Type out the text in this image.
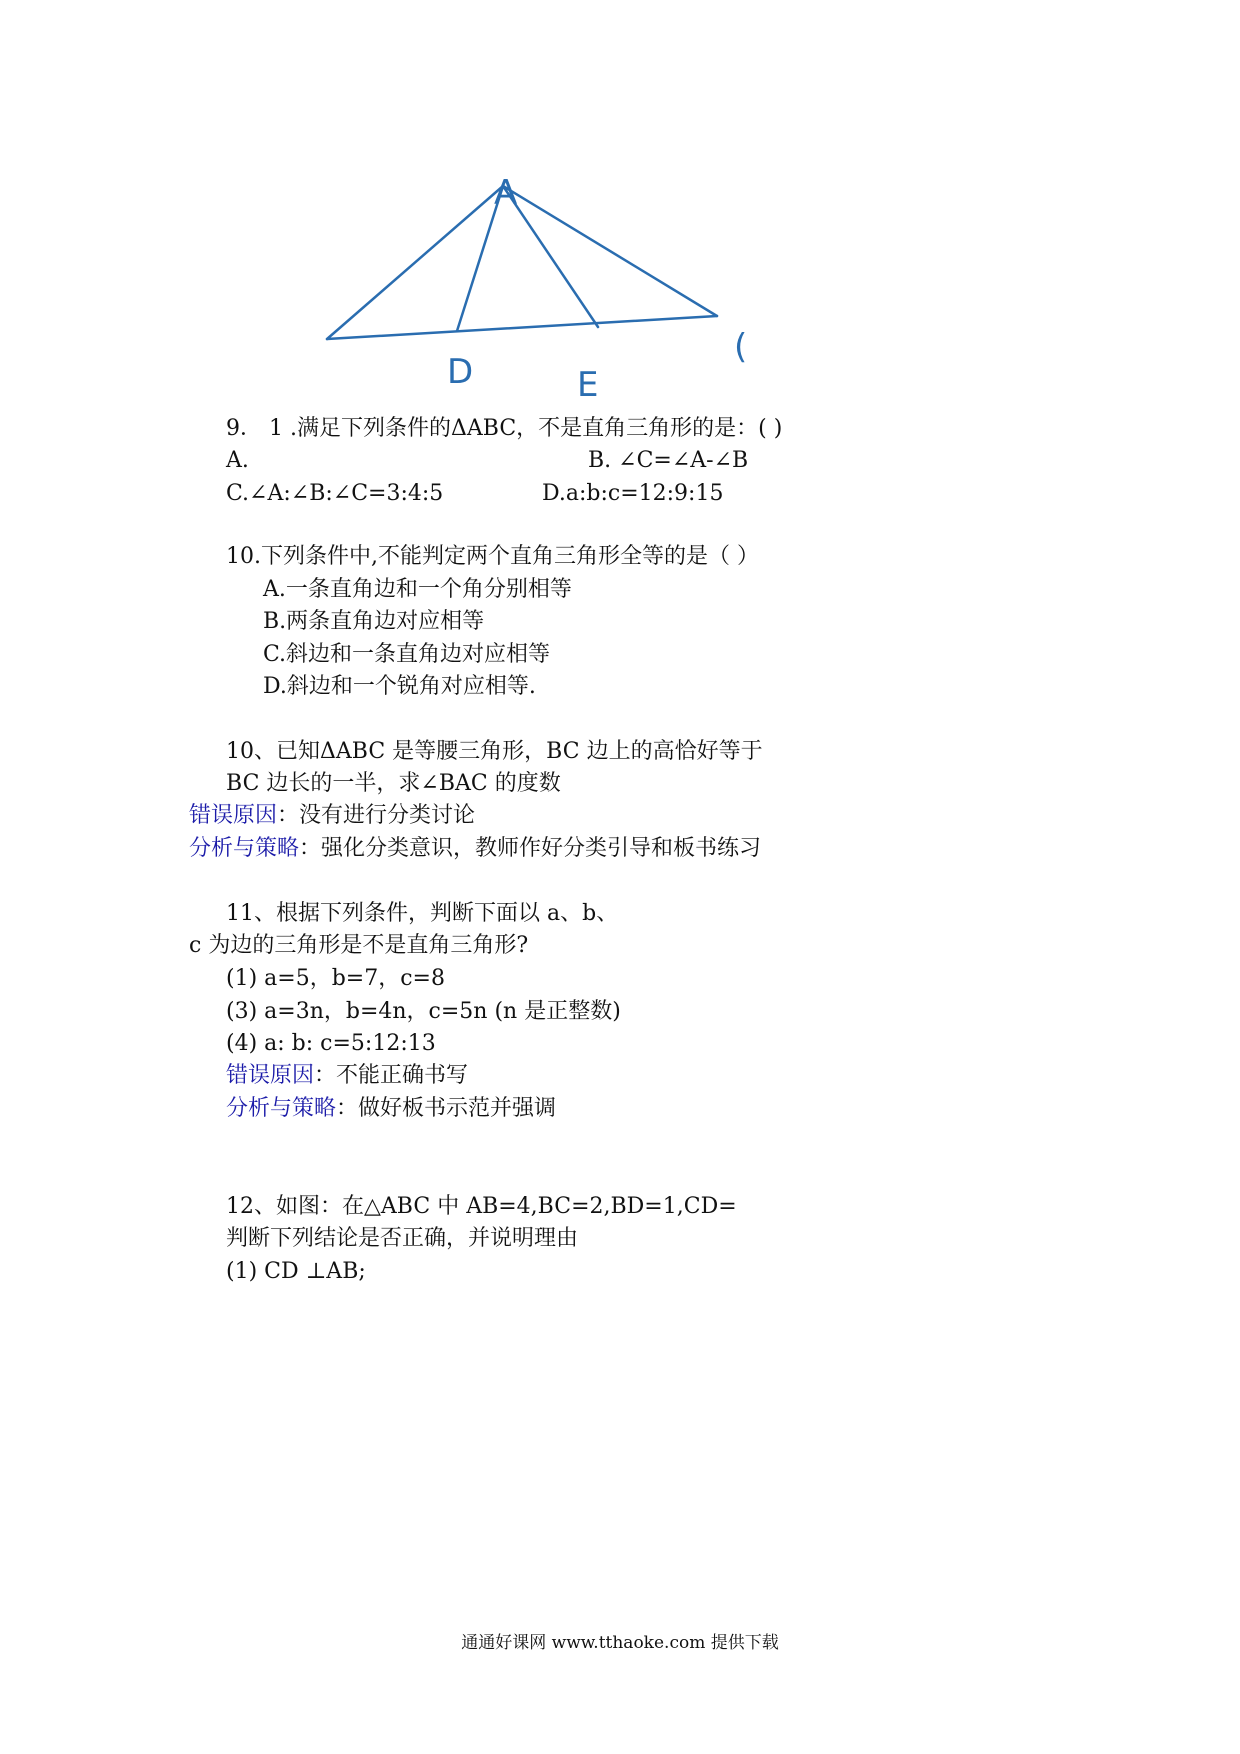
A
(
D	E
9． 1 .满足下列条件的ΔABC，不是直角三角形的是：( )
A.	B. ∠C=∠A-∠B
C.∠A:∠B:∠C=3:4:5	D.a:b:c=12:9:15
10.下列条件中,不能判定两个直角三角形全等的是（ ）
A.一条直角边和一个角分别相等
B.两条直角边对应相等
C.斜边和一条直角边对应相等
D.斜边和一个锐角对应相等.
10、已知ΔABC 是等腰三角形，BC 边上的高恰好等于
BC 边长的一半，求∠BAC 的度数
错误原因：没有进行分类讨论
分析与策略：强化分类意识，教师作好分类引导和板书练习
11、根据下列条件，判断下面以 a、b、
c 为边的三角形是不是直角三角形?
(1) a=5，b=7，c=8
(3) a=3n，b=4n，c=5n (n 是正整数)
(4) a: b: c=5:12:13
错误原因：不能正确书写
分析与策略：做好板书示范并强调
12、如图：在△ABC 中 AB=4,BC=2,BD=1,CD=
判断下列结论是否正确，并说明理由
(1) CD ⊥AB;
通通好课网 www.tthaoke.com 提供下载
